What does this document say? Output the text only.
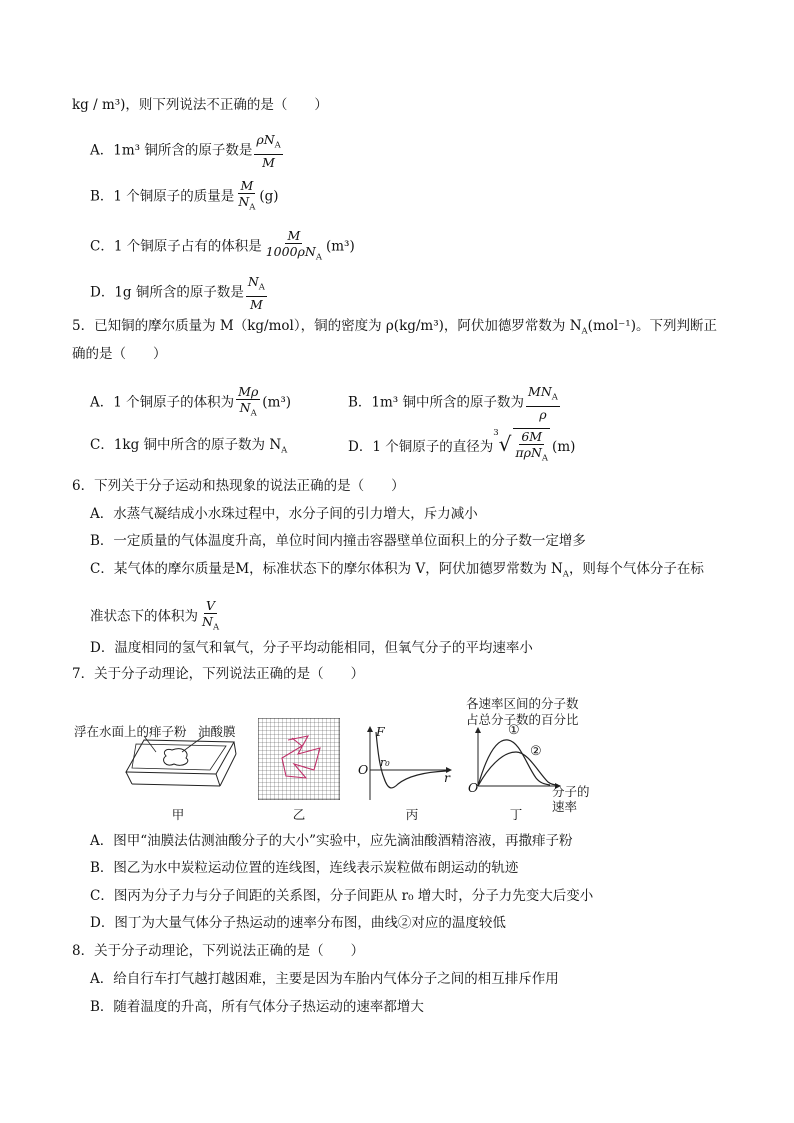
kg / m³)，则下列说法不正确的是（　　）
A．1m³ 铜所含的原子数是 $\frac{\rho N_A}{M}$
B．1 个铜原子的质量是 $\frac{M}{N_A} (g)$
C．1 个铜原子占有的体积是 $\frac{M}{1000\rho N_A} (m^3)$
D．1g 铜所含的原子数是 $\frac{N_A}{M}$
5．已知铜的摩尔质量为 M（kg/mol），铜的密度为 ρ(kg/m³)，阿伏加德罗常数为 $N_A(mol^{-1})$。下列判断正
确的是（　　）
A．1 个铜原子的体积为 $\frac{M\rho}{N_A} (m^3)$	B．1m³ 铜中所含的原子数为 $\frac{MN_A}{\rho}$
C．1kg 铜中所含的原子数为 $N_A$	D．1 个铜原子的直径为$^3√ \frac{6M}{\pi\rho N_A} (m)$
6．下列关于分子运动和热现象的说法正确的是（　　）
A．水蒸气凝结成小水珠过程中，水分子间的引力增大，斥力减小
B．一定质量的气体温度升高，单位时间内撞击容器壁单位面积上的分子数一定增多
C．某气体的摩尔质量是M，标准状态下的摩尔体积为 V，阿伏加德罗常数为 $N_A$，则每个气体分子在标
准状态下的体积为 $\frac{V}{N_A}$
D．温度相同的氢气和氧气，分子平均动能相同，但氧气分子的平均速率小
7．关于分子动理论，下列说法正确的是（　　）
浮在水面上的痱子粉 油酸膜
甲	乙
F
O r₀
r
丙
各速率区间的分子数
占总分子数的百分比
①
②
O	分子的
速率
丁
A．图甲“油膜法估测油酸分子的大小”实验中，应先滴油酸酒精溶液，再撒痱子粉
B．图乙为水中炭粒运动位置的连线图，连线表示炭粒做布朗运动的轨迹
C．图丙为分子力与分子间距的关系图，分子间距从 r₀ 增大时，分子力先变大后变小
D．图丁为大量气体分子热运动的速率分布图，曲线②对应的温度较低
8．关于分子动理论，下列说法正确的是（　　）
A．给自行车打气越打越困难，主要是因为车胎内气体分子之间的相互排斥作用
B．随着温度的升高，所有气体分子热运动的速率都增大
